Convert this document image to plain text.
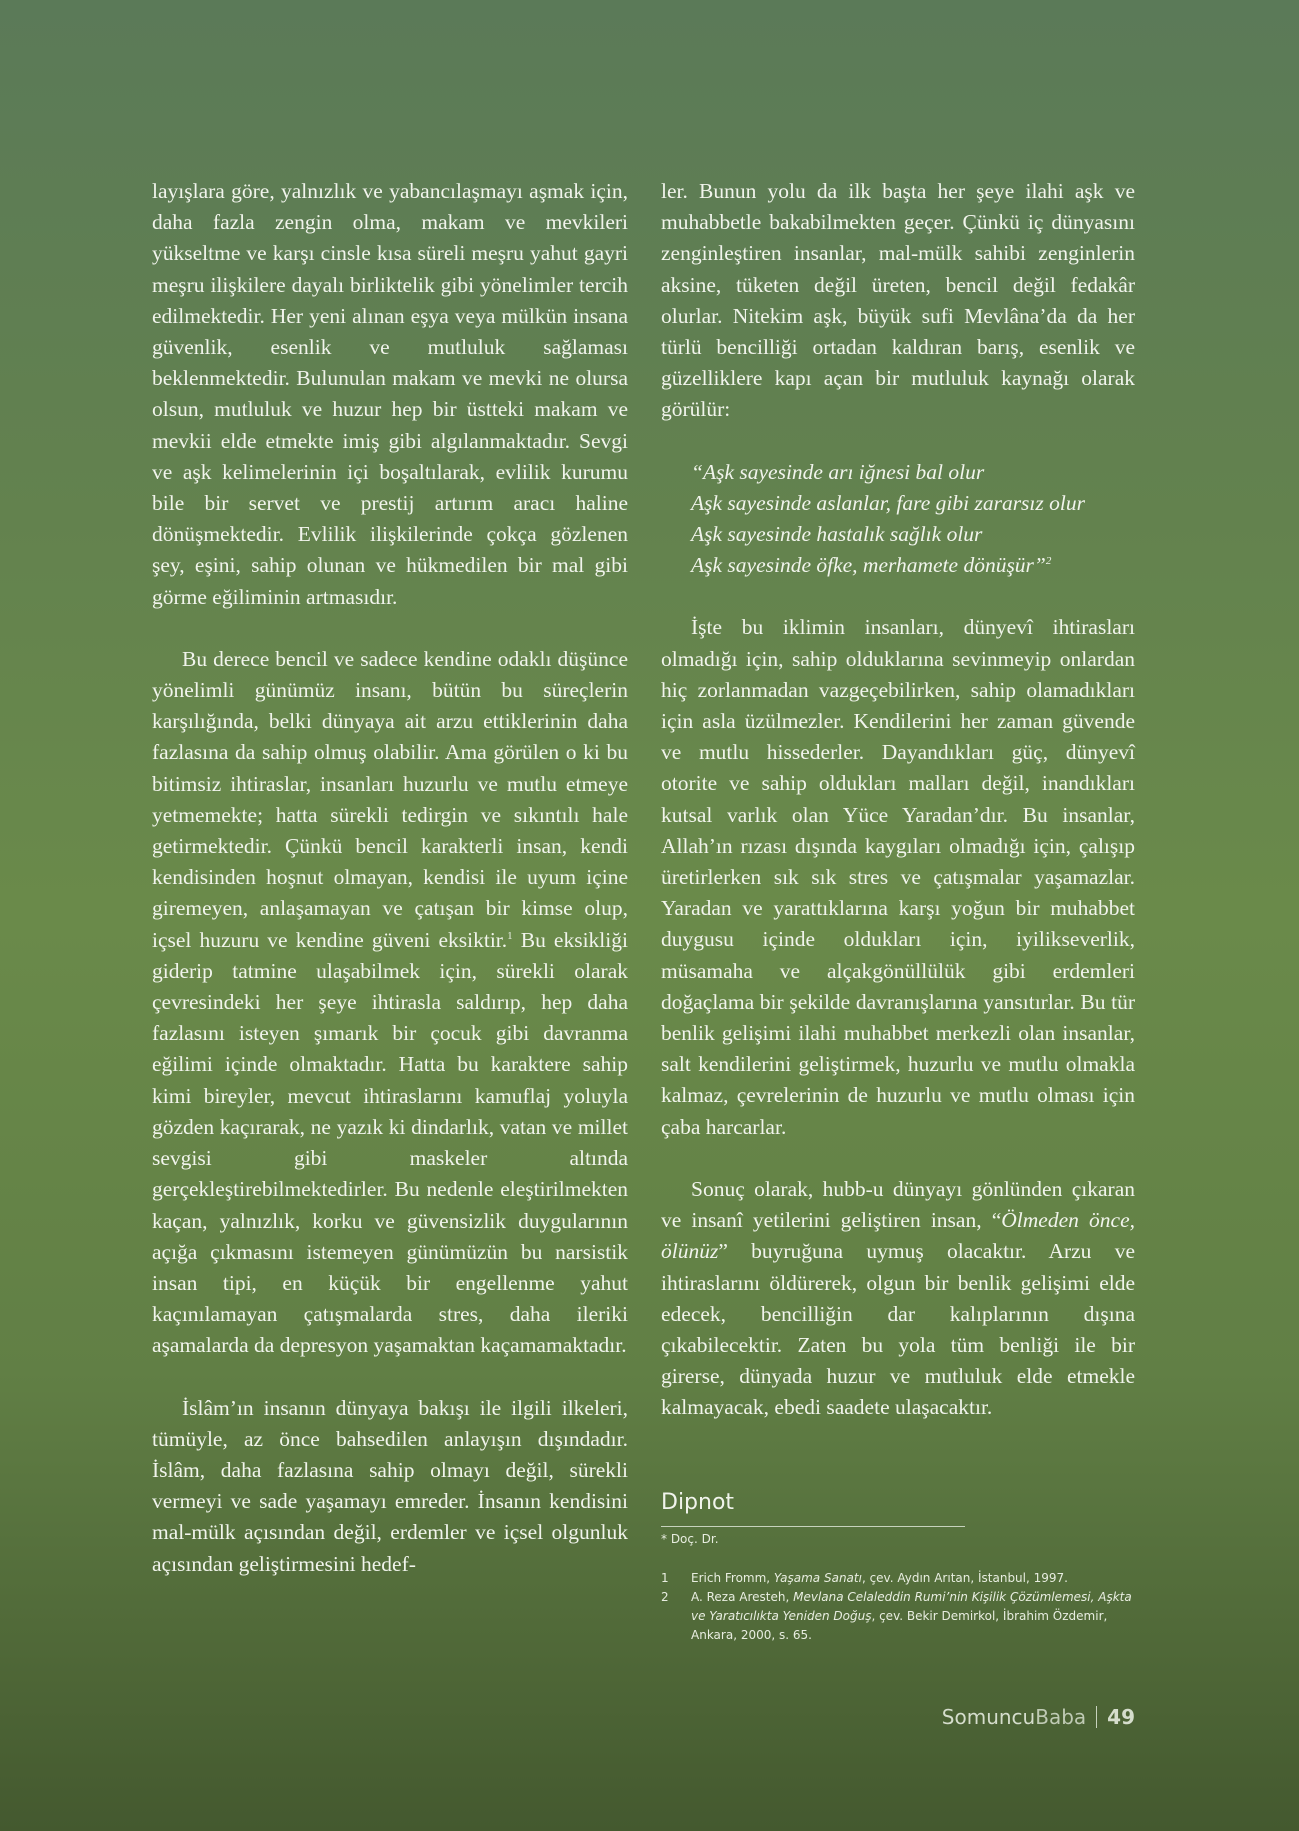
layışlara göre, yalnızlık ve yabancılaşmayı aşmak için, daha fazla zengin olma, makam ve mevkileri yükseltme ve karşı cinsle kısa süreli meşru yahut gayri meşru ilişkilere dayalı birliktelik gibi yönelimler tercih edilmektedir. Her yeni alınan eşya veya mülkün insana güvenlik, esenlik ve mutluluk sağlaması beklenmektedir. Bulunulan makam ve mevki ne olursa olsun, mutluluk ve huzur hep bir üstteki makam ve mevkii elde etmekte imiş gibi algılanmaktadır. Sevgi ve aşk kelimelerinin içi boşaltılarak, evlilik kurumu bile bir servet ve prestij artırım aracı haline dönüşmektedir. Evlilik ilişkilerinde çokça gözlenen şey, eşini, sahip olunan ve hükmedilen bir mal gibi görme eğiliminin artmasıdır.

Bu derece bencil ve sadece kendine odaklı düşünce yönelimli günümüz insanı, bütün bu süreçlerin karşılığında, belki dünyaya ait arzu ettiklerinin daha fazlasına da sahip olmuş olabilir. Ama görülen o ki bu bitimsiz ihtiraslar, insanları huzurlu ve mutlu etmeye yetmemekte; hatta sürekli tedirgin ve sıkıntılı hale getirmektedir. Çünkü bencil karakterli insan, kendi kendisinden hoşnut olmayan, kendisi ile uyum içine giremeyen, anlaşamayan ve çatışan bir kimse olup, içsel huzuru ve kendine güveni eksiktir.$^1$ Bu eksikliği giderip tatmine ulaşabilmek için, sürekli olarak çevresindeki her şeye ihtirasla saldırıp, hep daha fazlasını isteyen şımarık bir çocuk gibi davranma eğilimi içinde olmaktadır. Hatta bu karaktere sahip kimi bireyler, mevcut ihtiraslarını kamuflaj yoluyla gözden kaçırarak, ne yazık ki dindarlık, vatan ve millet sevgisi gibi maskeler altında gerçekleştirebilmektedirler. Bu nedenle eleştirilmekten kaçan, yalnızlık, korku ve güvensizlik duygularının açığa çıkmasını istemeyen günümüzün bu narsistik insan tipi, en küçük bir engellenme yahut kaçınılamayan çatışmalarda stres, daha ileriki aşamalarda da depresyon yaşamaktan kaçamamaktadır.

İslâm’ın insanın dünyaya bakışı ile ilgili ilkeleri, tümüyle, az önce bahsedilen anlayışın dışındadır. İslâm, daha fazlasına sahip olmayı değil, sürekli vermeyi ve sade yaşamayı emreder. İnsanın kendisini mal-mülk açısından değil, erdemler ve içsel olgunluk açısından geliştirmesini hedef-

ler. Bunun yolu da ilk başta her şeye ilahi aşk ve muhabbetle bakabilmekten geçer. Çünkü iç dünyasını zenginleştiren insanlar, mal-mülk sahibi zenginlerin aksine, tüketen değil üreten, bencil değil fedakâr olurlar. Nitekim aşk, büyük sufi Mevlâna’da da her türlü bencilliği ortadan kaldıran barış, esenlik ve güzelliklere kapı açan bir mutluluk kaynağı olarak görülür:

“Aşk sayesinde arı iğnesi bal olur
Aşk sayesinde aslanlar, fare gibi zararsız olur
Aşk sayesinde hastalık sağlık olur
Aşk sayesinde öfke, merhamete dönüşür”$^2$

İşte bu iklimin insanları, dünyevî ihtirasları olmadığı için, sahip olduklarına sevinmeyip onlardan hiç zorlanmadan vazgeçebilirken, sahip olamadıkları için asla üzülmezler. Kendilerini her zaman güvende ve mutlu hissederler. Dayandıkları güç, dünyevî otorite ve sahip oldukları malları değil, inandıkları kutsal varlık olan Yüce Yaradan’dır. Bu insanlar, Allah’ın rızası dışında kaygıları olmadığı için, çalışıp üretirlerken sık sık stres ve çatışmalar yaşamazlar. Yaradan ve yarattıklarına karşı yoğun bir muhabbet duygusu içinde oldukları için, iyilikseverlik, müsamaha ve alçakgönüllülük gibi erdemleri doğaçlama bir şekilde davranışlarına yansıtırlar. Bu tür benlik gelişimi ilahi muhabbet merkezli olan insanlar, salt kendilerini geliştirmek, huzurlu ve mutlu olmakla kalmaz, çevrelerinin de huzurlu ve mutlu olması için çaba harcarlar.

Sonuç olarak, hubb-u dünyayı gönlünden çıkaran ve insanî yetilerini geliştiren insan, “Ölmeden önce, ölünüz” buyruğuna uymuş olacaktır. Arzu ve ihtiraslarını öldürerek, olgun bir benlik gelişimi elde edecek, bencilliğin dar kalıplarının dışına çıkabilecektir. Zaten bu yola tüm benliği ile bir girerse, dünyada huzur ve mutluluk elde etmekle kalmayacak, ebedi saadete ulaşacaktır.

Dipnot
* Doç. Dr.
1	Erich Fromm, Yaşama Sanatı, çev. Aydın Arıtan, İstanbul, 1997.
2	A. Reza Aresteh, Mevlana Celaleddin Rumi’nin Kişilik Çözümlemesi, Aşkta ve Yaratıcılıkta Yeniden Doğuş, çev. Bekir Demirkol, İbrahim Özdemir, Ankara, 2000, s. 65.
Somuncu Baba 49
